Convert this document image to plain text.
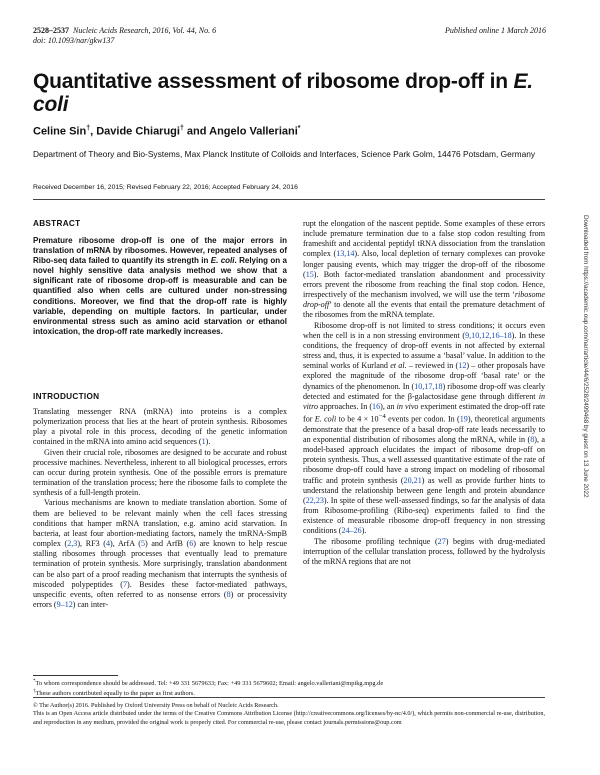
2528–2537 Nucleic Acids Research, 2016, Vol. 44, No. 6
doi: 10.1093/nar/gkw137
Published online 1 March 2016
Quantitative assessment of ribosome drop-off in E. coli
Celine Sin†, Davide Chiarugi† and Angelo Valleriani*
Department of Theory and Bio-Systems, Max Planck Institute of Colloids and Interfaces, Science Park Golm, 14476 Potsdam, Germany
Received December 16, 2015; Revised February 22, 2016; Accepted February 24, 2016
Downloaded from https://academic.oup.com/nar/article/44/6/2528/2499468 by guest on 13 June 2022
ABSTRACT
Premature ribosome drop-off is one of the major errors in translation of mRNA by ribosomes. However, repeated analyses of Ribo-seq data failed to quantify its strength in E. coli. Relying on a novel highly sensitive data analysis method we show that a significant rate of ribosome drop-off is measurable and can be quantified also when cells are cultured under non-stressing conditions. Moreover, we find that the drop-off rate is highly variable, depending on multiple factors. In particular, under environmental stress such as amino acid starvation or ethanol intoxication, the drop-off rate markedly increases.
INTRODUCTION

Translating messenger RNA (mRNA) into proteins is a complex polymerization process that lies at the heart of protein synthesis. Ribosomes play a pivotal role in this process, decoding of the genetic information contained in the mRNA into amino acid sequences (1).

Given their crucial role, ribosomes are designed to be accurate and robust processive machines. Nevertheless, inherent to all biological processes, errors can occur during protein synthesis. One of the possible errors is premature termination of the translation process; here the ribosome fails to complete the synthesis of a full-length protein.

Various mechanisms are known to mediate translation abortion. Some of them are believed to be relevant mainly when the cell faces stressing conditions that hamper mRNA translation, e.g. amino acid starvation. In bacteria, at least four abortion-mediating factors, namely the tmRNA-SmpB complex (2,3), RF3 (4), ArfA (5) and ArfB (6) are known to help rescue stalling ribosomes through processes that eventually lead to premature termination of protein synthesis. More surprisingly, translation abandonment can be also part of a proof reading mechanism that interrupts the synthesis of miscoded polypeptides (7). Besides these factor-mediated pathways, unspecific events, often referred to as nonsense errors (8) or processivity errors (9–12) can inter-

rupt the elongation of the nascent peptide. Some examples of these errors include premature termination due to a false stop codon resulting from frameshift and accidental peptidyl tRNA dissociation from the translation complex (13,14). Also, local depletion of ternary complexes can provoke longer pausing events, which may trigger the drop-off of the ribosome (15). Both factor-mediated translation abandonment and processivity errors prevent the ribosome from reaching the final stop codon. Hence, irrespectively of the mechanism involved, we will use the term ‘ribosome drop-off’ to denote all the events that entail the premature detachment of the ribosomes from the mRNA template.

Ribosome drop-off is not limited to stress conditions; it occurs even when the cell is in a non stressing environment (9,10,12,16–18). In these conditions, the frequency of drop-off events in not affected by external stress and, thus, it is expected to assume a ‘basal’ value. In addition to the seminal works of Kurland et al. – reviewed in (12) – other proposals have explored the magnitude of the ribosome drop-off ‘basal rate’ or the dynamics of the phenomenon. In (10,17,18) ribosome drop-off was clearly detected and estimated for the β-galactosidase gene through different in vitro approaches. In (16), an in vivo experiment estimated the drop-off rate for E. coli to be $4 \times 10^{-4}$ events per codon. In (19), theoretical arguments demonstrate that the presence of a basal drop-off rate leads necessarily to an exponential distribution of ribosomes along the mRNA, while in (8), a model-based approach elucidates the impact of ribosome drop-off on protein synthesis. Thus, a well assessed quantitative estimate of the rate of ribosome drop-off could have a strong impact on modeling of ribosomal traffic and protein synthesis (20,21) as well as provide further hints to understand the relationship between gene length and protein abundance (22,23). In spite of these well-assessed findings, so far the analysis of data from Ribosome-profiling (Ribo-seq) experiments failed to find the existence of measurable ribosome drop-off frequency in non stressing conditions (24–26).

The ribosome profiling technique (27) begins with drug-mediated interruption of the cellular translation process, followed by the hydrolysis of the mRNA regions that are not

*To whom correspondence should be addressed. Tel: +49 331 5679633; Fax: +49 331 5679602; Email: angelo.valleriani@mpikg.mpg.de
†These authors contributed equally to the paper as first authors.
© The Author(s) 2016. Published by Oxford University Press on behalf of Nucleic Acids Research.
This is an Open Access article distributed under the terms of the Creative Commons Attribution License (http://creativecommons.org/licenses/by-nc/4.0/), which permits non-commercial re-use, distribution, and reproduction in any medium, provided the original work is properly cited. For commercial re-use, please contact journals.permissions@oup.com
